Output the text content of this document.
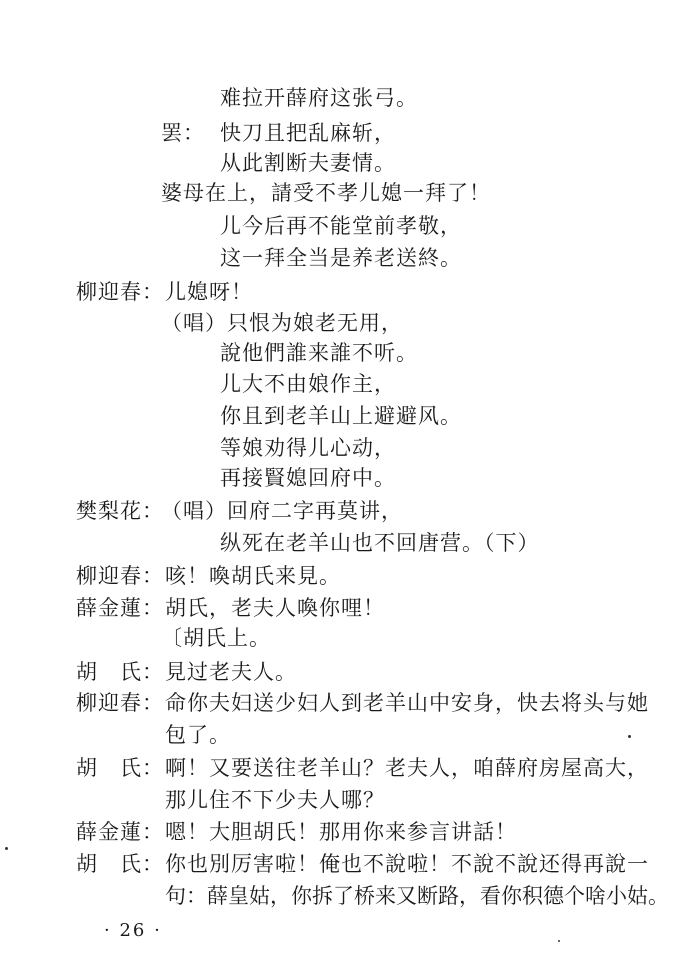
难拉开薛府这张弓。
罢： 快刀且把乱麻斩，
从此割断夫妻情。
婆母在上，請受不孝儿媳一拜了！
儿今后再不能堂前孝敬，
这一拜全当是养老送終。
柳迎春： 儿媳呀！
（唱）只恨为娘老无用，
說他們誰来誰不听。
儿大不由娘作主，
你且到老羊山上避避风。
等娘劝得儿心动，
再接賢媳回府中。
樊梨花：
（唱）回府二字再莫讲，
纵死在老羊山也不回唐营。（下）
柳迎春： 咳！喚胡氏来見。
薛金蓮： 胡氏，老夫人喚你哩！
〔胡氏上。
胡　氏： 見过老夫人。
柳迎春： 命你夫妇送少妇人到老羊山中安身，快去将头与她
包了。
胡　氏： 啊！又要送往老羊山？老夫人，咱薛府房屋高大，
那儿住不下少夫人哪？
薛金蓮： 嗯！大胆胡氏！那用你来参言讲話！
胡　氏： 你也別厉害啦！俺也不說啦！不說不說还得再說一
句：薛皇姑，你拆了桥来又断路，看你积德个啥小姑。
· 26 ·
